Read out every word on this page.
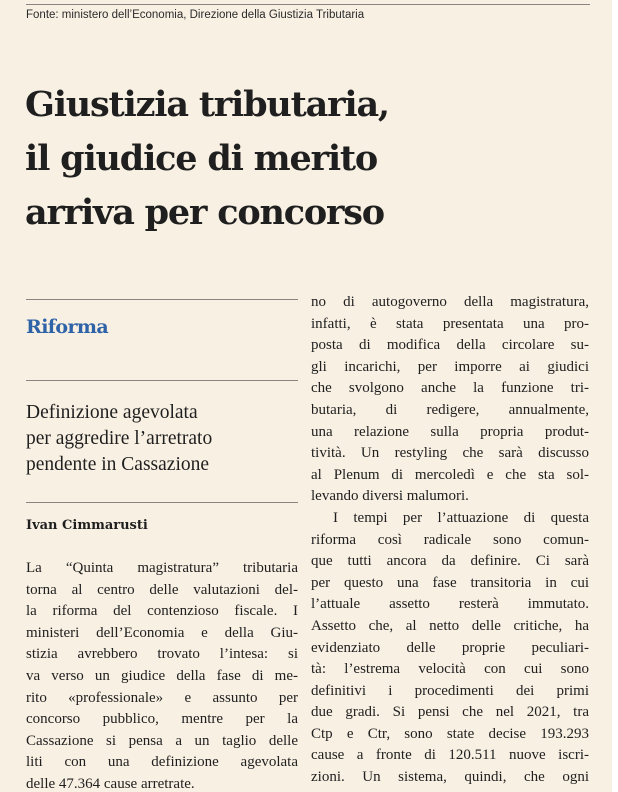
Fonte: ministero dell’Economia, Direzione della Giustizia Tributaria
Giustizia tributaria,
il giudice di merito
arriva per concorso
Riforma
Definizione agevolata
per aggredire l’arretrato
pendente in Cassazione
Ivan Cimmarusti
La “Quinta magistratura” tributaria
torna al centro delle valutazioni del-
la riforma del contenzioso fiscale. I
ministeri dell’Economia e della Giu-
stizia avrebbero trovato l’intesa: si
va verso un giudice della fase di me-
rito «professionale» e assunto per
concorso pubblico, mentre per la
Cassazione si pensa a un taglio delle
liti con una definizione agevolata
delle 47.364 cause arretrate.
no di autogoverno della magistratura,
infatti, è stata presentata una pro-
posta di modifica della circolare su-
gli incarichi, per imporre ai giudici
che svolgono anche la funzione tri-
butaria, di redigere, annualmente,
una relazione sulla propria produt-
tività. Un restyling che sarà discusso
al Plenum di mercoledì e che sta sol-
levando diversi malumori.
I tempi per l’attuazione di questa
riforma così radicale sono comun-
que tutti ancora da definire. Ci sarà
per questo una fase transitoria in cui
l’attuale assetto resterà immutato.
Assetto che, al netto delle critiche, ha
evidenziato delle proprie peculiari-
tà: l’estrema velocità con cui sono
definitivi i procedimenti dei primi
due gradi. Si pensi che nel 2021, tra
Ctp e Ctr, sono state decise 193.293
cause a fronte di 120.511 nuove iscri-
zioni. Un sistema, quindi, che ogni
